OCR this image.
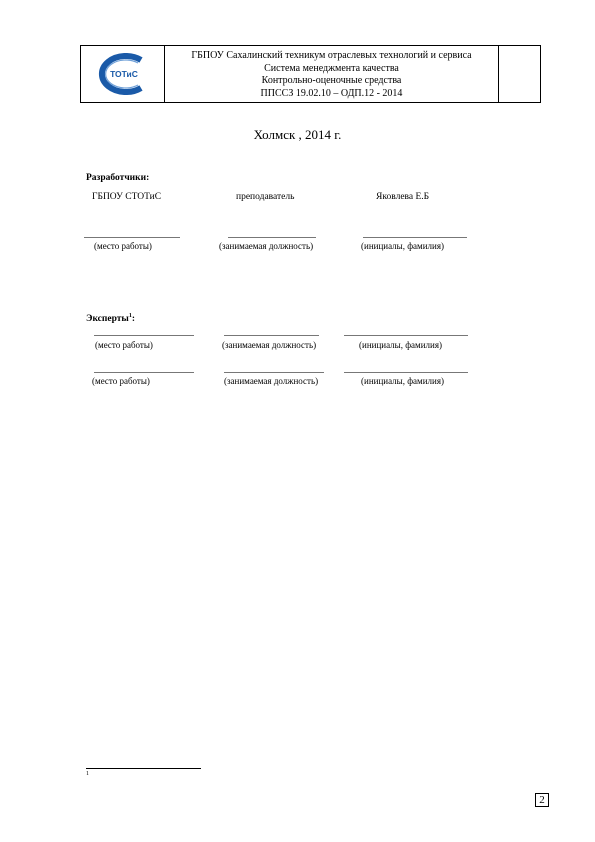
ТОТиС
ГБПОУ Сахалинский техникум отраслевых технологий и сервиса
Система менеджмента качества
Контрольно-оценочные средства
ППССЗ 19.02.10 – ОДП.12 - 2014
Холмск , 2014 г.
Разработчики:
ГБПОУ СТОТиС	преподаватель	Яковлева Е.Б
(место работы)	(занимаемая должность)	(инициалы, фамилия)
Эксперты$^1$:
(место работы)	(занимаемая должность)	(инициалы, фамилия)
(место работы)	(занимаемая должность)	(инициалы, фамилия)
1
2
